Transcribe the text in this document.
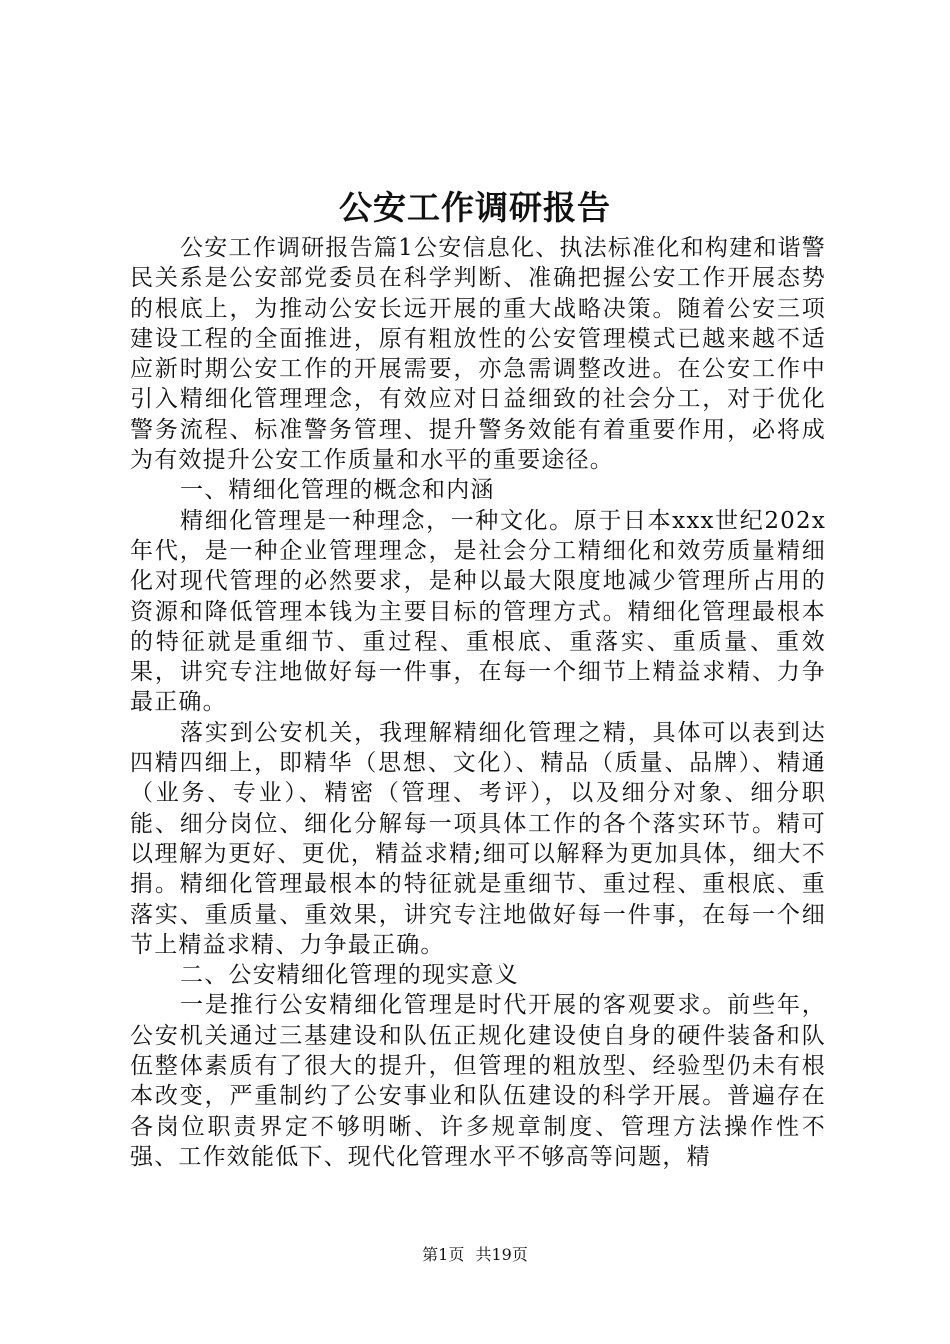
公安工作调研报告

公安工作调研报告篇1公安信息化、执法标准化和构建和谐警民关系是公安部党委员在科学判断、准确把握公安工作开展态势的根底上，为推动公安长远开展的重大战略决策。随着公安三项建设工程的全面推进，原有粗放性的公安管理模式已越来越不适应新时期公安工作的开展需要，亦急需调整改进。在公安工作中引入精细化管理理念，有效应对日益细致的社会分工，对于优化警务流程、标准警务管理、提升警务效能有着重要作用，必将成为有效提升公安工作质量和水平的重要途径。

一、精细化管理的概念和内涵

精细化管理是一种理念，一种文化。原于日本xxx世纪202x年代，是一种企业管理理念，是社会分工精细化和效劳质量精细化对现代管理的必然要求，是种以最大限度地减少管理所占用的资源和降低管理本钱为主要目标的管理方式。精细化管理最根本的特征就是重细节、重过程、重根底、重落实、重质量、重效果，讲究专注地做好每一件事，在每一个细节上精益求精、力争最正确。

落实到公安机关，我理解精细化管理之精，具体可以表到达四精四细上，即精华（思想、文化）、精品（质量、品牌）、精通（业务、专业）、精密（管理、考评），以及细分对象、细分职能、细分岗位、细化分解每一项具体工作的各个落实环节。精可以理解为更好、更优，精益求精;细可以解释为更加具体，细大不捐。精细化管理最根本的特征就是重细节、重过程、重根底、重落实、重质量、重效果，讲究专注地做好每一件事，在每一个细节上精益求精、力争最正确。

二、公安精细化管理的现实意义

一是推行公安精细化管理是时代开展的客观要求。前些年，公安机关通过三基建设和队伍正规化建设使自身的硬件装备和队伍整体素质有了很大的提升，但管理的粗放型、经验型仍未有根本改变，严重制约了公安事业和队伍建设的科学开展。普遍存在各岗位职责界定不够明晰、许多规章制度、管理方法操作性不强、工作效能低下、现代化管理水平不够高等问题，精

第1页 共19页
